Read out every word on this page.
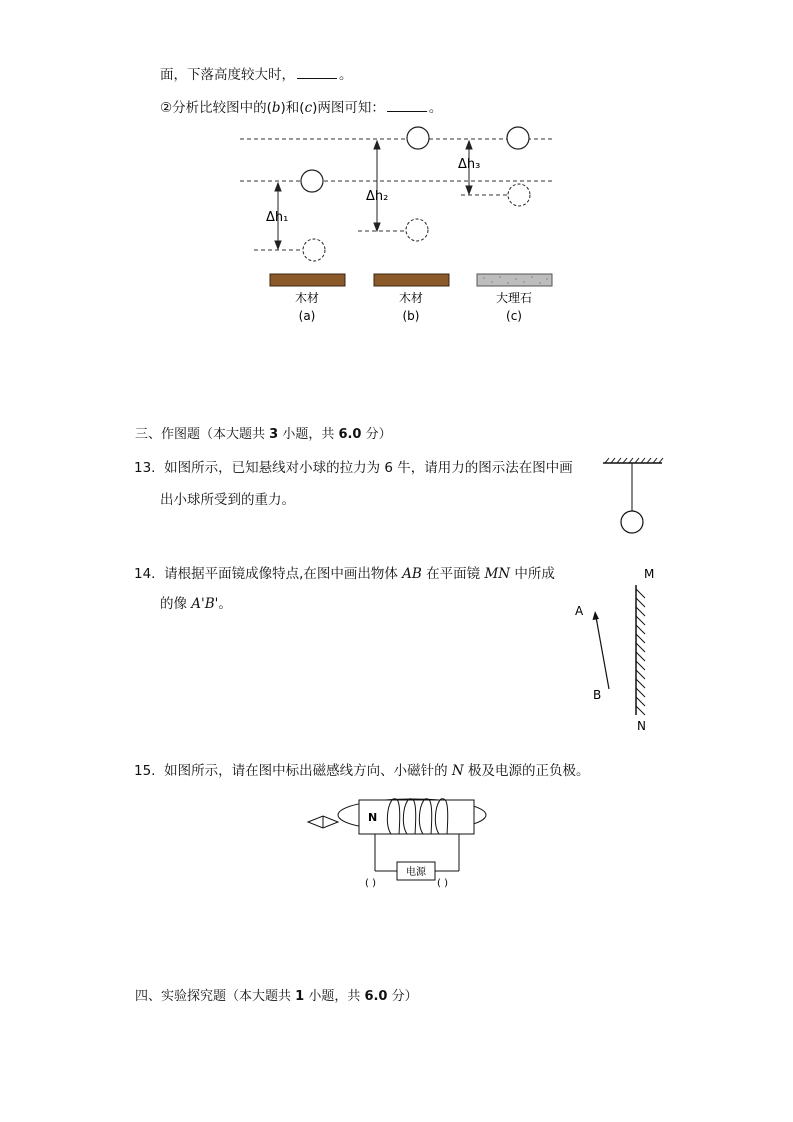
面，下落高度较大时，	。
②分析比较图中的(b)和(c)两图可知：	。
Δh₁
Δh₂
Δh₃
木材	木材	大理石
(a)	(b)	(c)
三、作图题（本大题共 3 小题，共 6.0 分）
13. 如图所示，已知悬线对小球的拉力为 6 牛，请用力的图示法在图中画
出小球所受到的重力。
14. 请根据平面镜成像特点,在图中画出物体 AB 在平面镜 MN 中所成
的像 A'B'。
M
N
A
B
15. 如图所示，请在图中标出磁感线方向、小磁针的 N 极及电源的正负极。
N
电源
( )	( )
四、实验探究题（本大题共 1 小题，共 6.0 分）
